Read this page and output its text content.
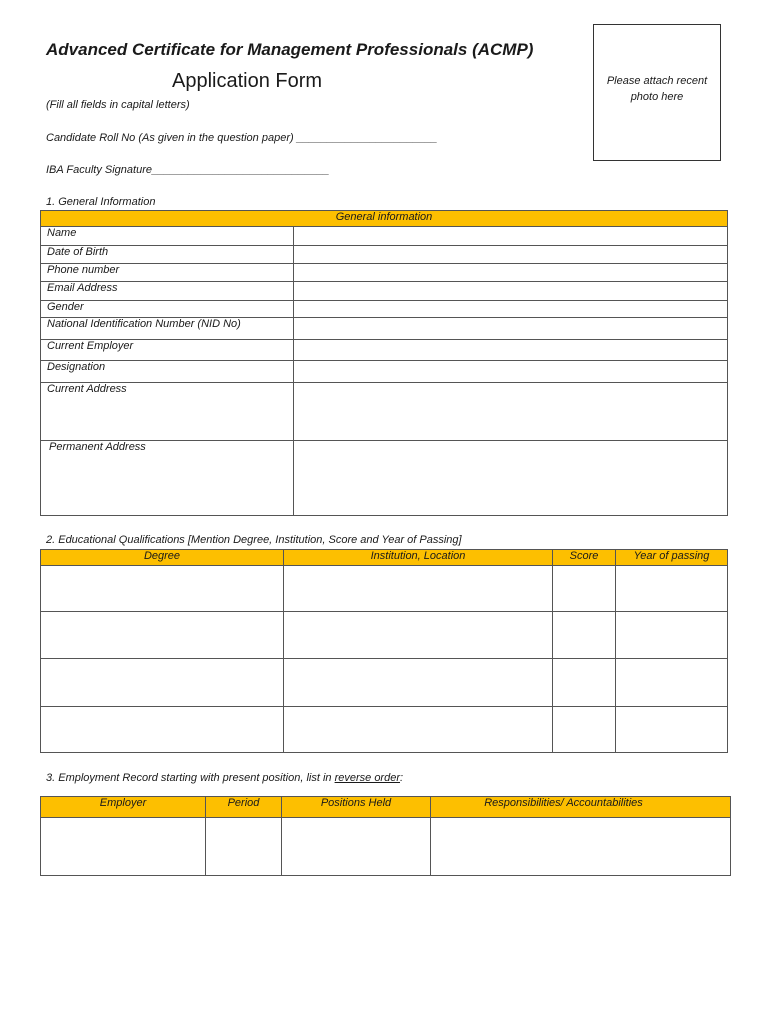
Advanced Certificate for Management Professionals (ACMP)
Application Form
(Fill all fields in capital letters)
Candidate Roll No (As given in the question paper) _______________________
IBA Faculty Signature_____________________________
Please attach recent photo here
1. General Information
General information	
Name	
Date of Birth	
Phone number	
Email Address	
Gender	
National Identification Number (NID No)	
Current Employer	
Designation	
Current Address	
Permanent Address	
2. Educational Qualifications [Mention Degree, Institution, Score and Year of Passing]
Degree	Institution, Location	Score	Year of passing

3. Employment Record starting with present position, list in reverse order:
Employer	Period	Positions Held	Responsibilities/ Accountabilities
